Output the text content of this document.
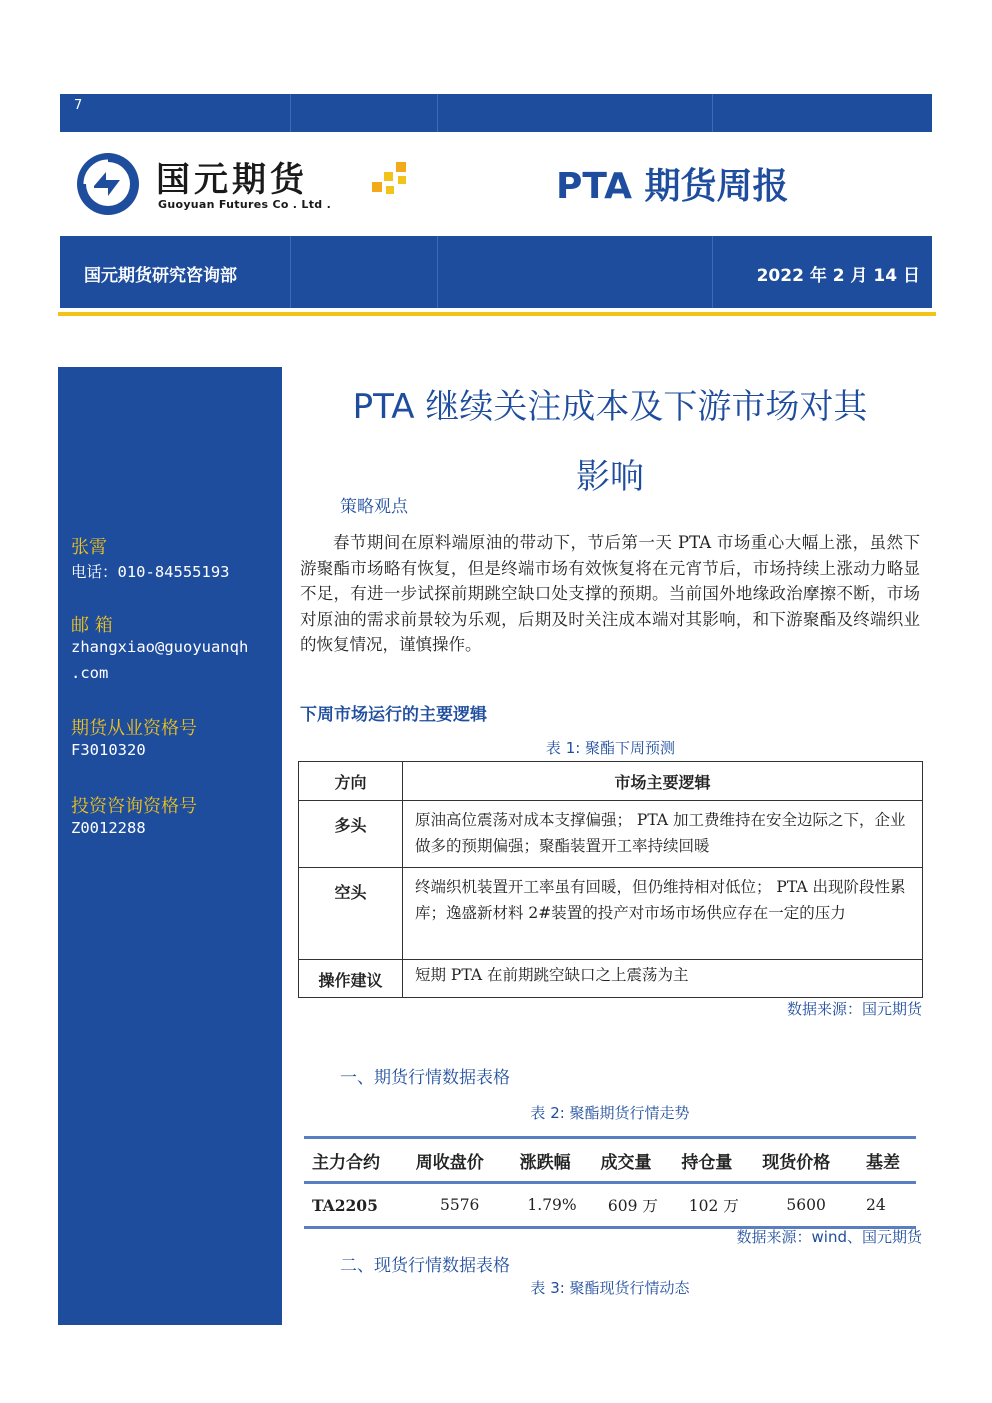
7
国元期货
Guoyuan Futures Co . Ltd .	PTA 期货周报
国元期货研究咨询部	2022 年 2 月 14 日
张霄
电话：010-84555193
邮 箱
zhangxiao@guoyuanqh
.com
期货从业资格号
F3010320
投资咨询资格号
Z0012288
PTA 继续关注成本及下游市场对其
影响
策略观点
春节期间在原料端原油的带动下，节后第一天 PTA 市场重心大幅上涨，虽然下游聚酯市场略有恢复，但是终端市场有效恢复将在元宵节后，市场持续上涨动力略显不足，有进一步试探前期跳空缺口处支撑的预期。当前国外地缘政治摩擦不断，市场对原油的需求前景较为乐观，后期及时关注成本端对其影响，和下游聚酯及终端织业的恢复情况，谨慎操作。
下周市场运行的主要逻辑
表 1: 聚酯下周预测
方向	市场主要逻辑
多头	原油高位震荡对成本支撑偏强； PTA 加工费维持在安全边际之下，企业做多的预期偏强；聚酯装置开工率持续回暖
空头	终端织机装置开工率虽有回暖，但仍维持相对低位； PTA 出现阶段性累库；逸盛新材料 2#装置的投产对市场市场供应存在一定的压力
操作建议	短期 PTA 在前期跳空缺口之上震荡为主
数据来源：国元期货
一、期货行情数据表格
表 2: 聚酯期货行情走势
主力合约	周收盘价	涨跌幅	成交量	持仓量	现货价格	基差
TA2205	5576	1.79%	609 万	102 万	5600	24
数据来源：wind、国元期货
二、现货行情数据表格
表 3: 聚酯现货行情动态
